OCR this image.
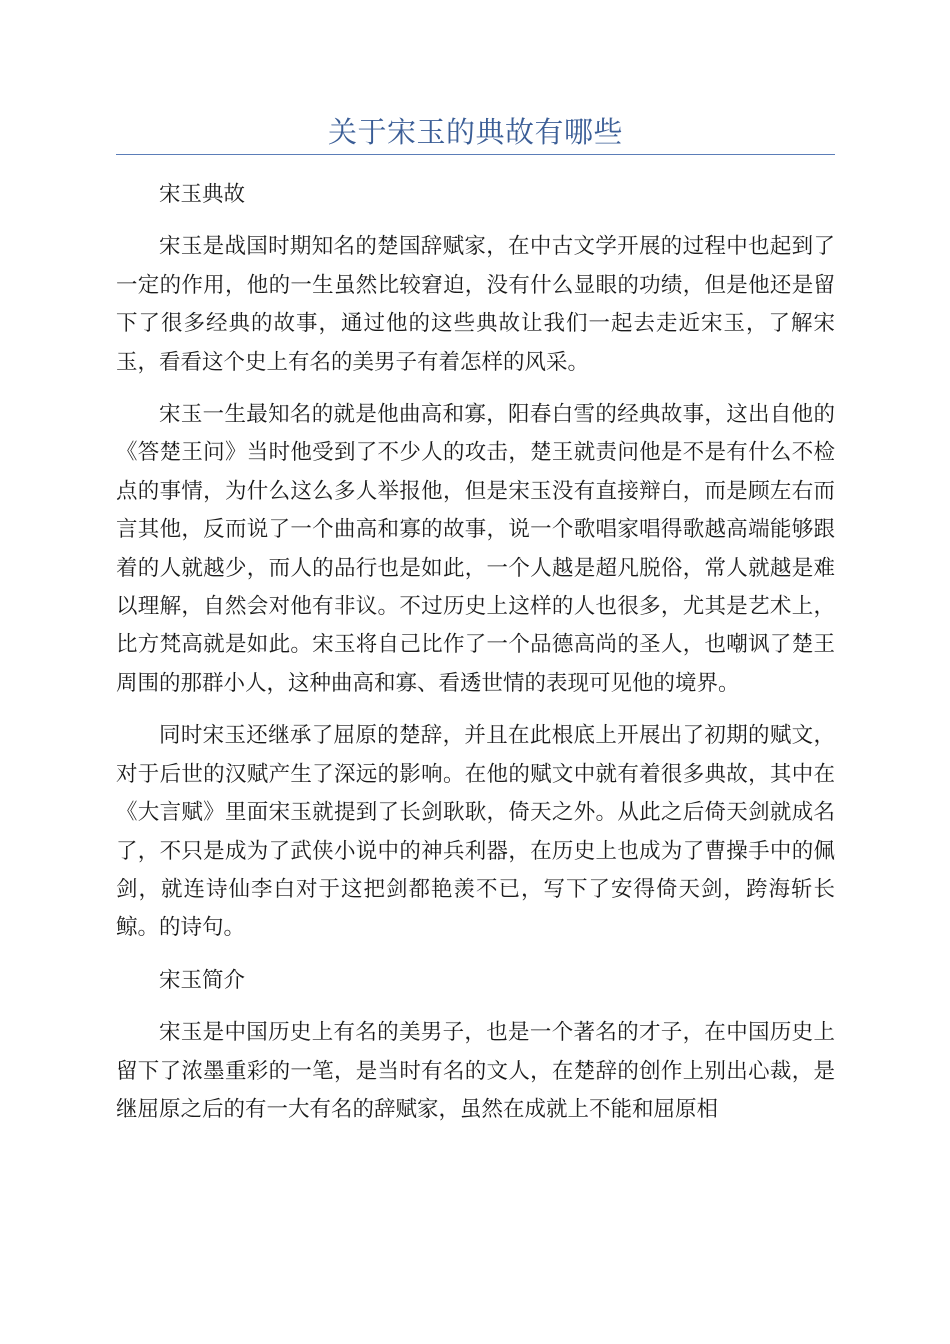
关于宋玉的典故有哪些

宋玉典故

宋玉是战国时期知名的楚国辞赋家，在中古文学开展的过程中也起到了一定的作用，他的一生虽然比较窘迫，没有什么显眼的功绩，但是他还是留下了很多经典的故事，通过他的这些典故让我们一起去走近宋玉，了解宋玉，看看这个史上有名的美男子有着怎样的风采。

宋玉一生最知名的就是他曲高和寡，阳春白雪的经典故事，这出自他的《答楚王问》当时他受到了不少人的攻击，楚王就责问他是不是有什么不检点的事情，为什么这么多人举报他，但是宋玉没有直接辩白，而是顾左右而言其他，反而说了一个曲高和寡的故事，说一个歌唱家唱得歌越高端能够跟着的人就越少，而人的品行也是如此，一个人越是超凡脱俗，常人就越是难以理解，自然会对他有非议。不过历史上这样的人也很多，尤其是艺术上，比方梵高就是如此。宋玉将自己比作了一个品德高尚的圣人，也嘲讽了楚王周围的那群小人，这种曲高和寡、看透世情的表现可见他的境界。

同时宋玉还继承了屈原的楚辞，并且在此根底上开展出了初期的赋文，对于后世的汉赋产生了深远的影响。在他的赋文中就有着很多典故，其中在《大言赋》里面宋玉就提到了长剑耿耿，倚天之外。从此之后倚天剑就成名了，不只是成为了武侠小说中的神兵利器，在历史上也成为了曹操手中的佩剑，就连诗仙李白对于这把剑都艳羡不已，写下了安得倚天剑，跨海斩长鲸。的诗句。

宋玉简介

宋玉是中国历史上有名的美男子，也是一个著名的才子，在中国历史上留下了浓墨重彩的一笔，是当时有名的文人，在楚辞的创作上别出心裁，是继屈原之后的有一大有名的辞赋家，虽然在成就上不能和屈原相
